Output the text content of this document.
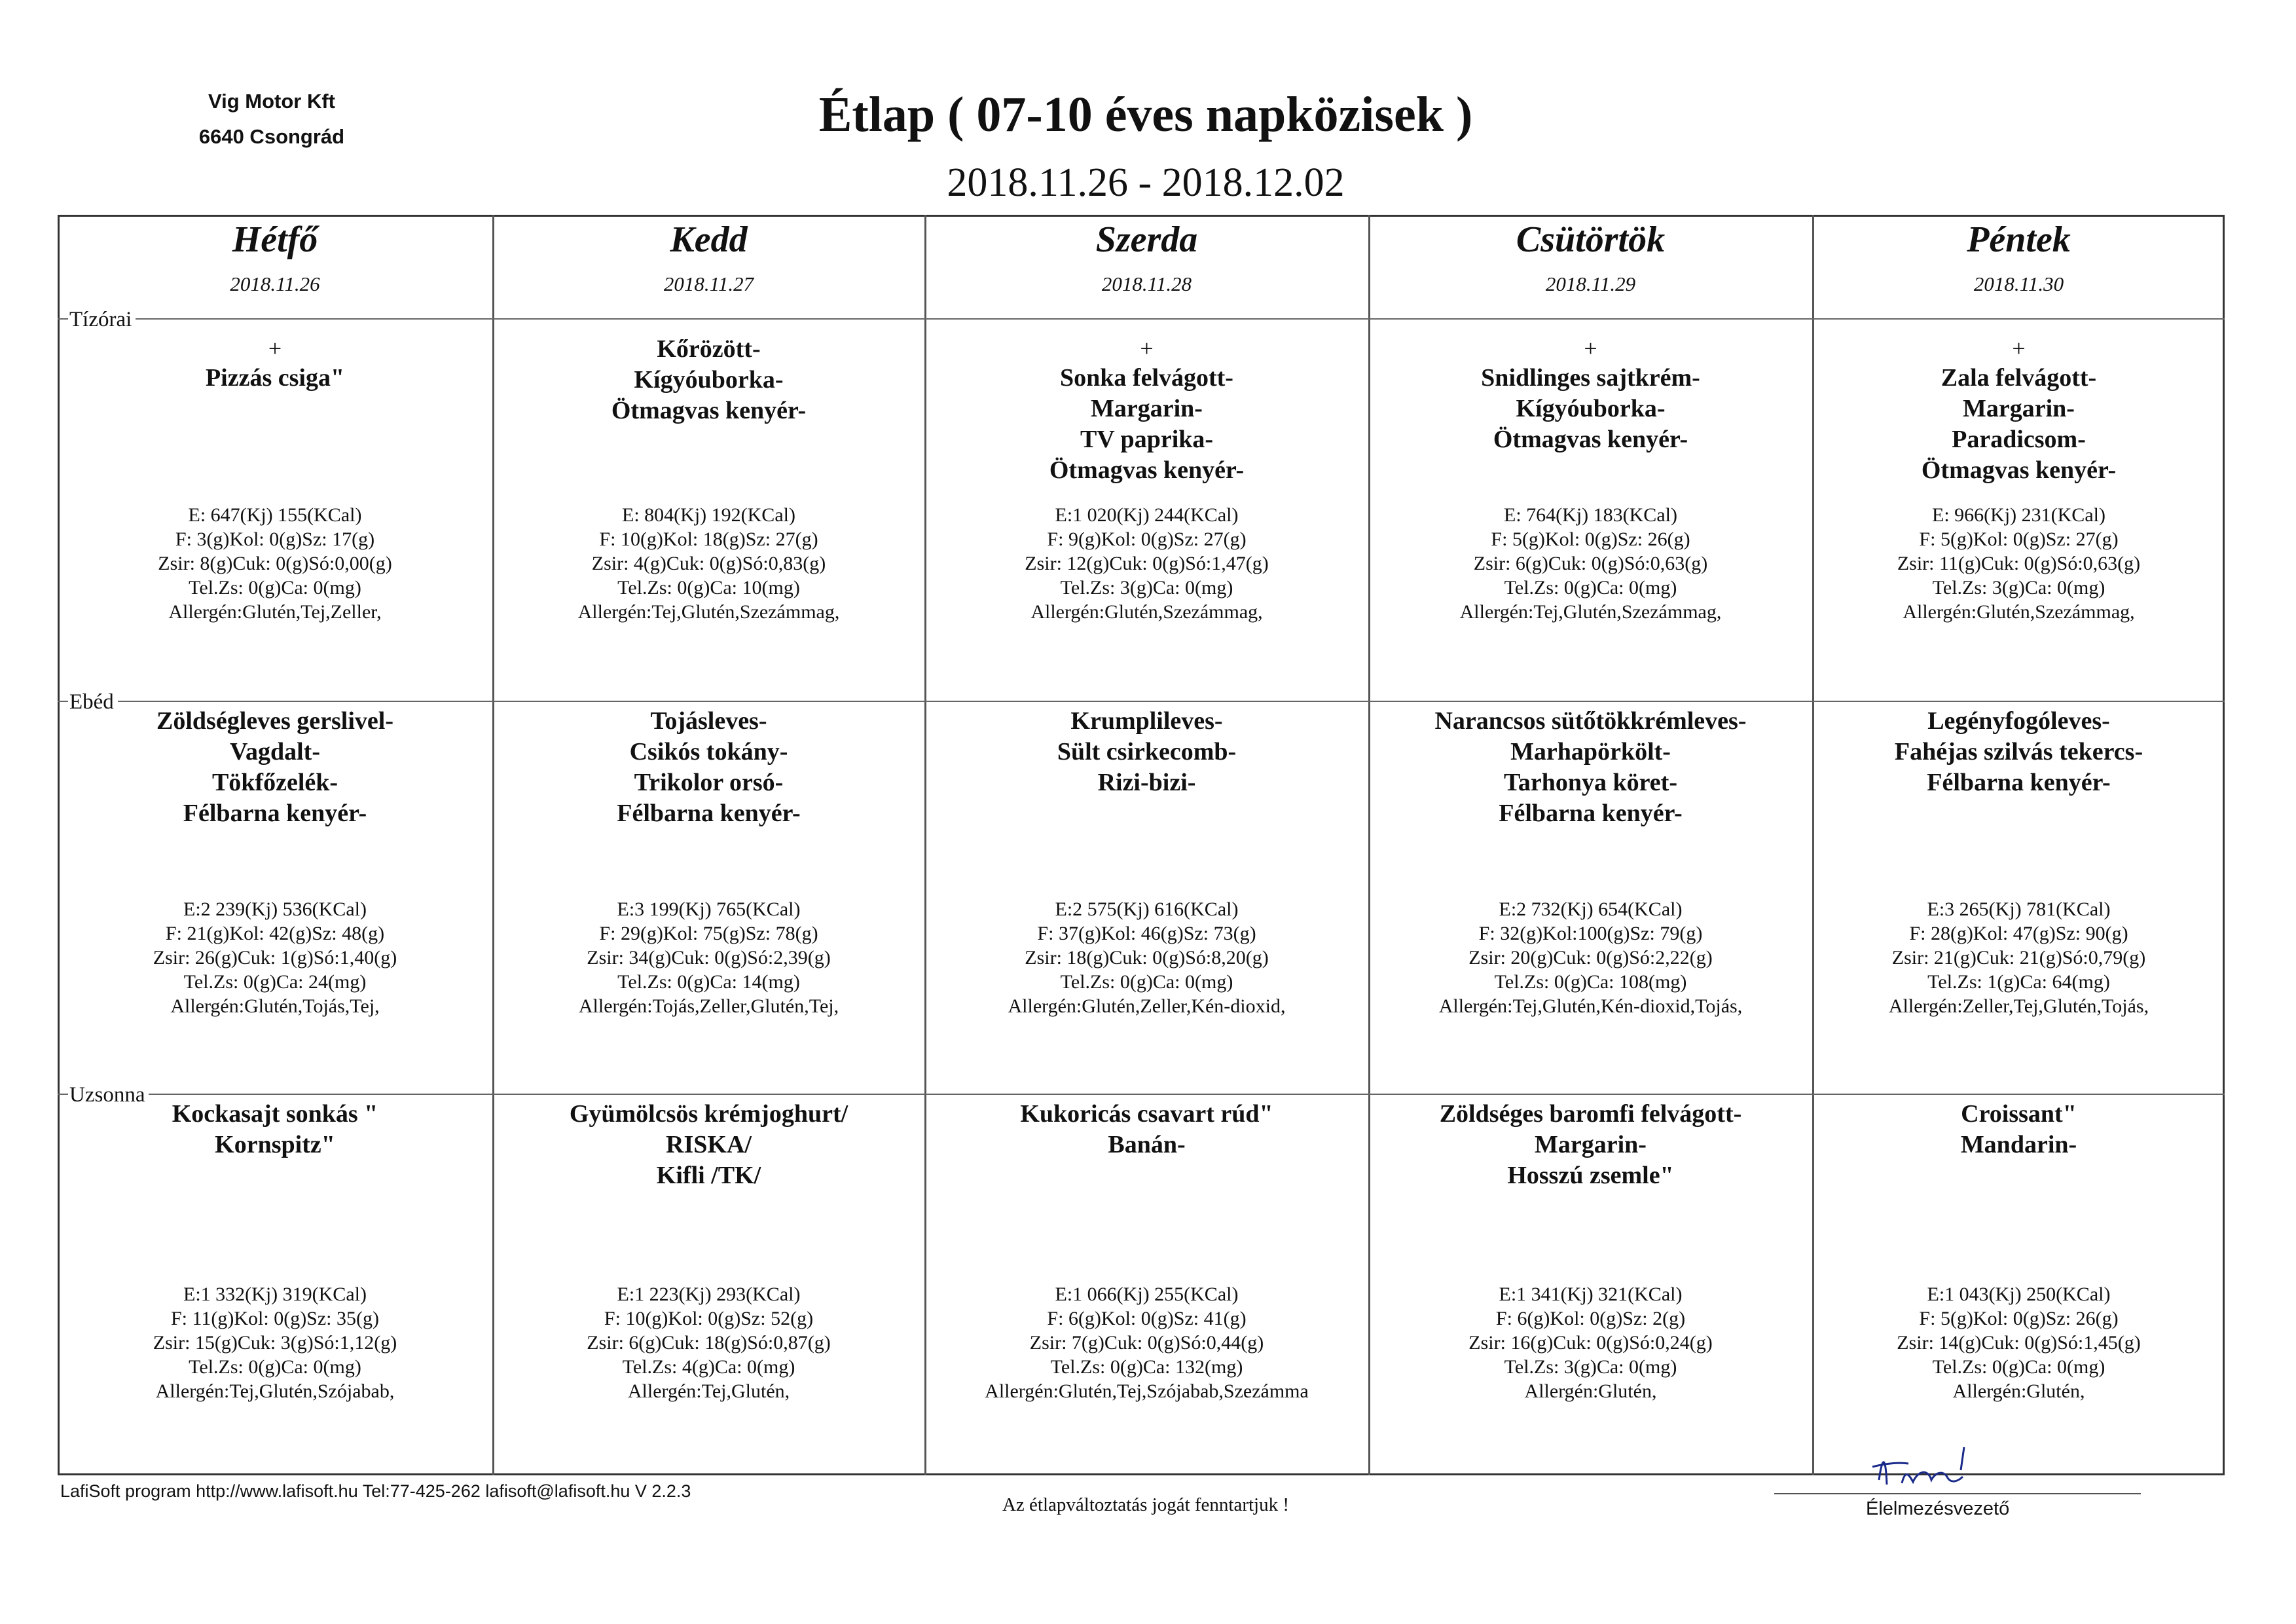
Vig Motor Kft
6640 Csongrád	Étlap ( 07-10 éves napközisek )
2018.11.26 - 2018.12.02
Hétfő
2018.11.26
Kedd
2018.11.27
Szerda
2018.11.28
Csütörtök
2018.11.29
Péntek
2018.11.30
Tízórai
Ebéd
Uzsonna
+
Pizzás csiga"
E: 647(Kj) 155(KCal)
F: 3(g)Kol: 0(g)Sz: 17(g)
Zsir: 8(g)Cuk: 0(g)Só:0,00(g)
Tel.Zs: 0(g)Ca: 0(mg)
Allergén:Glutén,Tej,Zeller,
Kőrözött-
Kígyóuborka-
Ötmagvas kenyér-
E: 804(Kj) 192(KCal)
F: 10(g)Kol: 18(g)Sz: 27(g)
Zsir: 4(g)Cuk: 0(g)Só:0,83(g)
Tel.Zs: 0(g)Ca: 10(mg)
Allergén:Tej,Glutén,Szezámmag,
+
Sonka felvágott-
Margarin-
TV paprika-
Ötmagvas kenyér-
E:1 020(Kj) 244(KCal)
F: 9(g)Kol: 0(g)Sz: 27(g)
Zsir: 12(g)Cuk: 0(g)Só:1,47(g)
Tel.Zs: 3(g)Ca: 0(mg)
Allergén:Glutén,Szezámmag,
+
Snidlinges sajtkrém-
Kígyóuborka-
Ötmagvas kenyér-
E: 764(Kj) 183(KCal)
F: 5(g)Kol: 0(g)Sz: 26(g)
Zsir: 6(g)Cuk: 0(g)Só:0,63(g)
Tel.Zs: 0(g)Ca: 0(mg)
Allergén:Tej,Glutén,Szezámmag,
+
Zala felvágott-
Margarin-
Paradicsom-
Ötmagvas kenyér-
E: 966(Kj) 231(KCal)
F: 5(g)Kol: 0(g)Sz: 27(g)
Zsir: 11(g)Cuk: 0(g)Só:0,63(g)
Tel.Zs: 3(g)Ca: 0(mg)
Allergén:Glutén,Szezámmag,
Zöldségleves gerslivel-
Vagdalt-
Tökfőzelék-
Félbarna kenyér-
E:2 239(Kj) 536(KCal)
F: 21(g)Kol: 42(g)Sz: 48(g)
Zsir: 26(g)Cuk: 1(g)Só:1,40(g)
Tel.Zs: 0(g)Ca: 24(mg)
Allergén:Glutén,Tojás,Tej,
Tojásleves-
Csikós tokány-
Trikolor orsó-
Félbarna kenyér-
E:3 199(Kj) 765(KCal)
F: 29(g)Kol: 75(g)Sz: 78(g)
Zsir: 34(g)Cuk: 0(g)Só:2,39(g)
Tel.Zs: 0(g)Ca: 14(mg)
Allergén:Tojás,Zeller,Glutén,Tej,
Krumplileves-
Sült csirkecomb-
Rizi-bizi-
E:2 575(Kj) 616(KCal)
F: 37(g)Kol: 46(g)Sz: 73(g)
Zsir: 18(g)Cuk: 0(g)Só:8,20(g)
Tel.Zs: 0(g)Ca: 0(mg)
Allergén:Glutén,Zeller,Kén-dioxid,
Narancsos sütőtökkrémleves-
Marhapörkölt-
Tarhonya köret-
Félbarna kenyér-
E:2 732(Kj) 654(KCal)
F: 32(g)Kol:100(g)Sz: 79(g)
Zsir: 20(g)Cuk: 0(g)Só:2,22(g)
Tel.Zs: 0(g)Ca: 108(mg)
Allergén:Tej,Glutén,Kén-dioxid,Tojás,
Legényfogóleves-
Fahéjas szilvás tekercs-
Félbarna kenyér-
E:3 265(Kj) 781(KCal)
F: 28(g)Kol: 47(g)Sz: 90(g)
Zsir: 21(g)Cuk: 21(g)Só:0,79(g)
Tel.Zs: 1(g)Ca: 64(mg)
Allergén:Zeller,Tej,Glutén,Tojás,
Kockasajt sonkás "
Kornspitz"
E:1 332(Kj) 319(KCal)
F: 11(g)Kol: 0(g)Sz: 35(g)
Zsir: 15(g)Cuk: 3(g)Só:1,12(g)
Tel.Zs: 0(g)Ca: 0(mg)
Allergén:Tej,Glutén,Szójabab,
Gyümölcsös krémjoghurt/
RISKA/
Kifli /TK/
E:1 223(Kj) 293(KCal)
F: 10(g)Kol: 0(g)Sz: 52(g)
Zsir: 6(g)Cuk: 18(g)Só:0,87(g)
Tel.Zs: 4(g)Ca: 0(mg)
Allergén:Tej,Glutén,
Kukoricás csavart rúd"
Banán-
E:1 066(Kj) 255(KCal)
F: 6(g)Kol: 0(g)Sz: 41(g)
Zsir: 7(g)Cuk: 0(g)Só:0,44(g)
Tel.Zs: 0(g)Ca: 132(mg)
Allergén:Glutén,Tej,Szójabab,Szezámma
Zöldséges baromfi felvágott-
Margarin-
Hosszú zsemle"
E:1 341(Kj) 321(KCal)
F: 6(g)Kol: 0(g)Sz: 2(g)
Zsir: 16(g)Cuk: 0(g)Só:0,24(g)
Tel.Zs: 3(g)Ca: 0(mg)
Allergén:Glutén,
Croissant"
Mandarin-
E:1 043(Kj) 250(KCal)
F: 5(g)Kol: 0(g)Sz: 26(g)
Zsir: 14(g)Cuk: 0(g)Só:1,45(g)
Tel.Zs: 0(g)Ca: 0(mg)
Allergén:Glutén,
LafiSoft program http://www.lafisoft.hu Tel:77-425-262 lafisoft@lafisoft.hu V 2.2.3
Az étlapváltoztatás jogát fenntartjuk !	Élelmezésvezető
